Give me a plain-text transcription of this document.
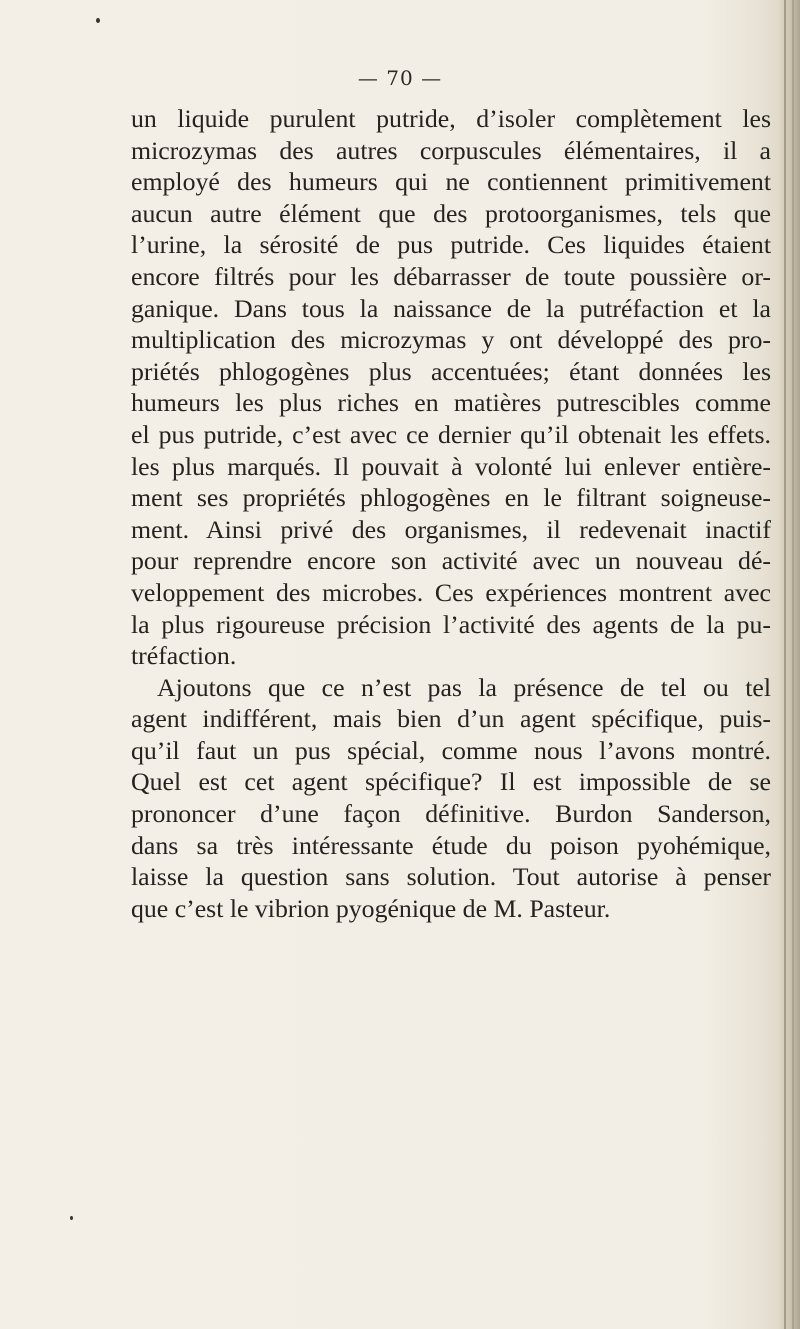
— 70 —
un liquide purulent putride, d’isoler complètement les
microzymas des autres corpuscules élémentaires, il a
employé des humeurs qui ne contiennent primitivement
aucun autre élément que des protoorganismes, tels que
l’urine, la sérosité de pus putride. Ces liquides étaient
encore filtrés pour les débarrasser de toute poussière or-
ganique. Dans tous la naissance de la putréfaction et la
multiplication des microzymas y ont développé des pro-
priétés phlogogènes plus accentuées; étant données les
humeurs les plus riches en matières putrescibles comme
el pus putride, c’est avec ce dernier qu’il obtenait les effets.
les plus marqués. Il pouvait à volonté lui enlever entière-
ment ses propriétés phlogogènes en le filtrant soigneuse-
ment. Ainsi privé des organismes, il redevenait inactif
pour reprendre encore son activité avec un nouveau dé-
veloppement des microbes. Ces expériences montrent avec
la plus rigoureuse précision l’activité des agents de la pu-
tréfaction.
Ajoutons que ce n’est pas la présence de tel ou tel
agent indifférent, mais bien d’un agent spécifique, puis-
qu’il faut un pus spécial, comme nous l’avons montré.
Quel est cet agent spécifique? Il est impossible de se
prononcer d’une façon définitive. Burdon Sanderson,
dans sa très intéressante étude du poison pyohémique,
laisse la question sans solution. Tout autorise à penser
que c’est le vibrion pyogénique de M. Pasteur.
